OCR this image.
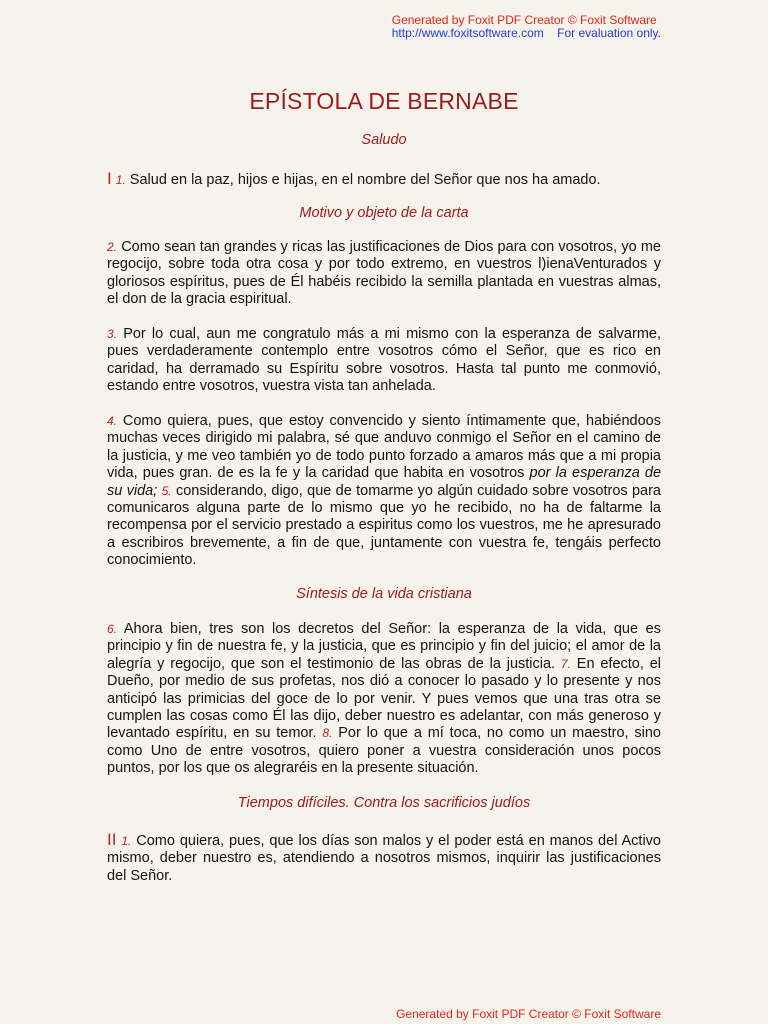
Generated by Foxit PDF Creator © Foxit Software
http://www.foxitsoftware.com For evaluation only.
EPÍSTOLA DE BERNABE
Saludo
I 1. Salud en la paz, hijos e hijas, en el nombre del Señor que nos ha amado.
Motivo y objeto de la carta
2. Como sean tan grandes y ricas las justificaciones de Dios para con vosotros, yo me regocijo, sobre toda otra cosa y por todo extremo, en vuestros l)ienaVenturados y gloriosos espíritus, pues de Él habéis recibido la semilla plantada en vuestras almas, el don de la gracia espiritual.
3. Por lo cual, aun me congratulo más a mi mismo con la esperanza de salvarme, pues verdaderamente contemplo entre vosotros cómo el Señor, que es rico en caridad, ha derramado su Espíritu sobre vosotros. Hasta tal punto me conmovió, estando entre vosotros, vuestra vista tan anhelada.
4. Como quiera, pues, que estoy convencido y siento íntimamente que, habiéndoos muchas veces dirigido mi palabra, sé que anduvo conmigo el Señor en el camino de la justicia, y me veo también yo de todo punto forzado a amaros más que a mi propia vida, pues gran. de es la fe y la caridad que habita en vosotros por la esperanza de su vida; 5. considerando, digo, que de tomarme yo algún cuidado sobre vosotros para comunicaros alguna parte de lo mismo que yo he recibido, no ha de faltarme la recompensa por el servicio prestado a espiritus como los vuestros, me he apresurado a escribiros brevemente, a fin de que, juntamente con vuestra fe, tengáis perfecto conocimiento.
Síntesis de la vida cristiana
6. Ahora bien, tres son los decretos del Señor: la esperanza de la vida, que es principio y fin de nuestra fe, y la justicia, que es principio y fin del juicio; el amor de la alegría y regocijo, que son el testimonio de las obras de la justicia. 7. En efecto, el Dueño, por medio de sus profetas, nos dió a conocer lo pasado y lo presente y nos anticipó las primicias del goce de lo por venir. Y pues vemos que una tras otra se cumplen las cosas como Él las dijo, deber nuestro es adelantar, con más generoso y levantado espíritu, en su temor. 8. Por lo que a mí toca, no como un maestro, sino como Uno de entre vosotros, quiero poner a vuestra consideración unos pocos puntos, por los que os alegraréis en la presente situación.
Tiempos difíciles. Contra los sacrificios judíos
II 1. Como quiera, pues, que los días son malos y el poder está en manos del Activo mismo, deber nuestro es, atendiendo a nosotros mismos, inquirir las justificaciones del Señor.
Generated by Foxit PDF Creator © Foxit Software
